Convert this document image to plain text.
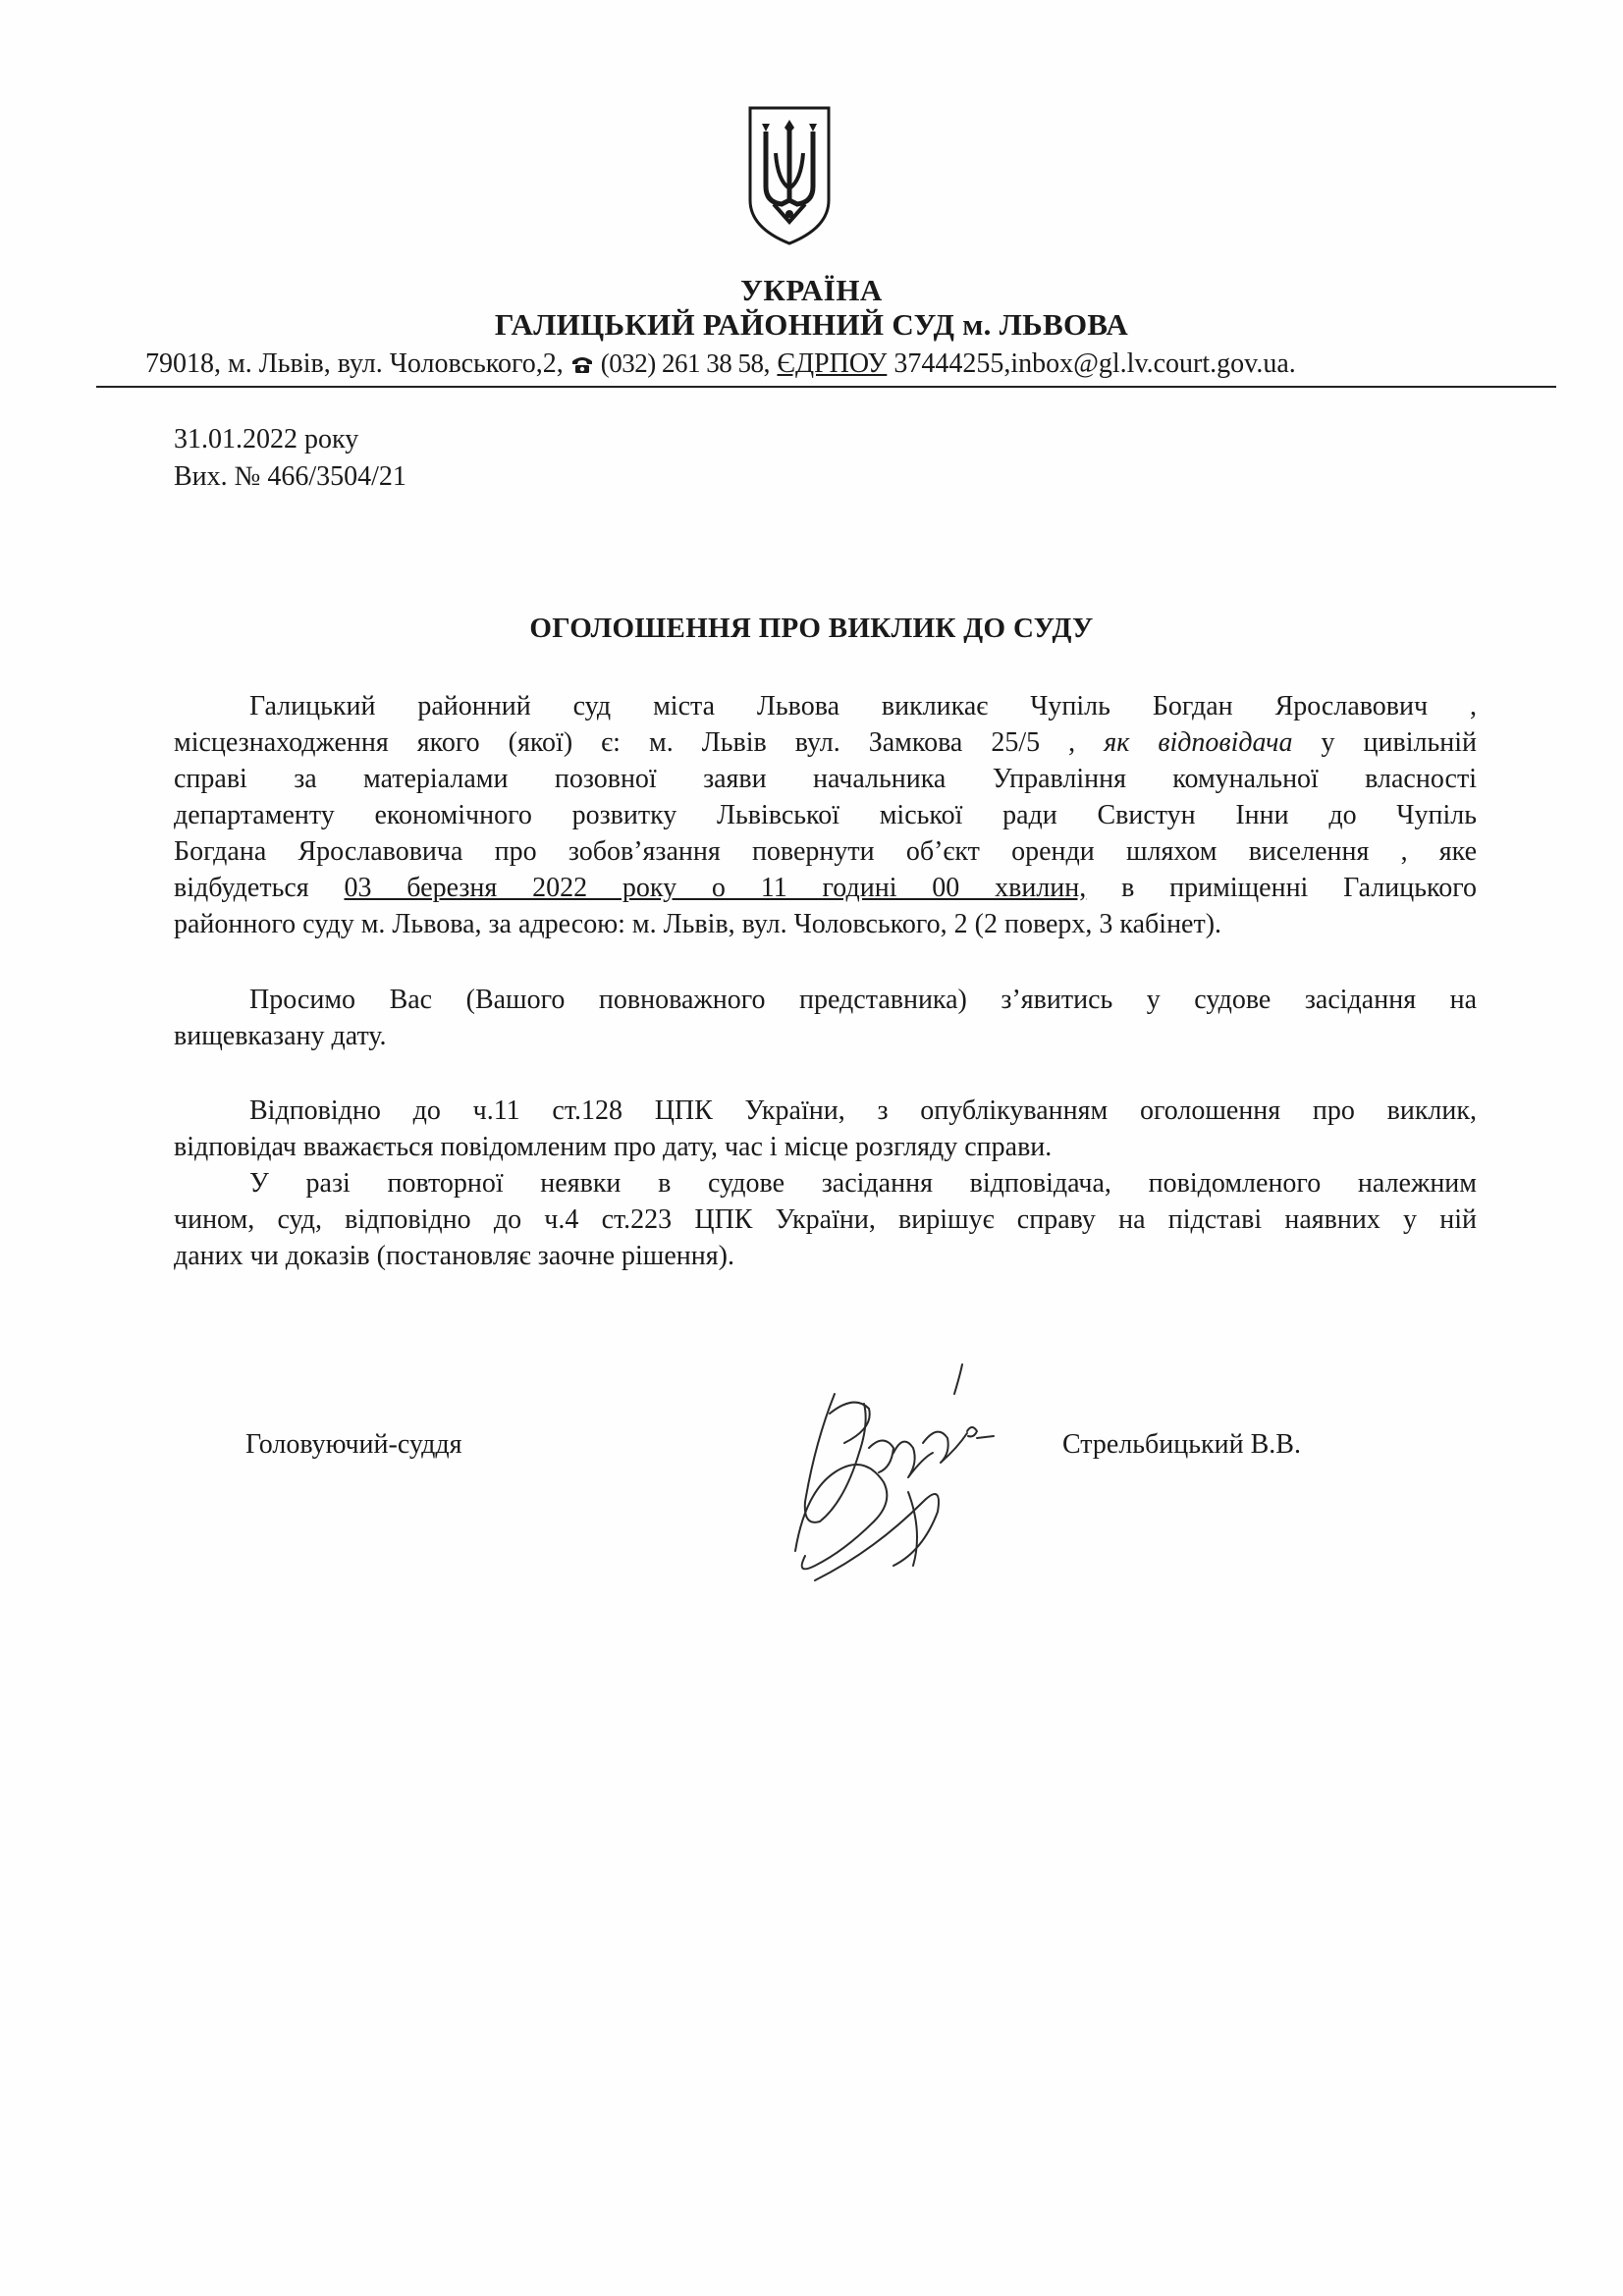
УКРАЇНА
ГАЛИЦЬКИЙ РАЙОННИЙ СУД м. ЛЬВОВА
79018, м. Львів, вул. Чоловського,2,  (032) 261 38 58, ЄДРПОУ 37444255,inbox@gl.lv.court.gov.ua.
31.01.2022 року
Вих. № 466/3504/21
ОГОЛОШЕННЯ ПРО ВИКЛИК ДО СУДУ
Галицький районний суд міста Львова викликає Чупіль Богдан Ярославович ,
місцезнаходження якого (якої) є: м. Львів вул. Замкова 25/5 , як відповідача у цивільній
справі за матеріалами позовної заяви начальника Управління комунальної власності
департаменту економічного розвитку Львівської міської ради Свистун Інни до Чупіль
Богдана Ярославовича про зобов’язання повернути об’єкт оренди шляхом виселення , яке
відбудеться 03 березня 2022 року о 11 годині 00 хвилин, в приміщенні Галицького
районного суду м. Львова, за адресою: м. Львів, вул. Чоловського, 2 (2 поверх, 3 кабінет).
Просимо Вас (Вашого повноважного представника) з’явитись у судове засідання на
вищевказану дату.
Відповідно до ч.11 ст.128 ЦПК України, з опублікуванням оголошення про виклик,
відповідач вважається повідомленим про дату, час і місце розгляду справи.
У разі повторної неявки в судове засідання відповідача, повідомленого належним
чином, суд, відповідно до ч.4 ст.223 ЦПК України, вирішує справу на підставі наявних у ній
даних чи доказів (постановляє заочне рішення).
Головуючий-суддя	Стрельбицький В.В.
